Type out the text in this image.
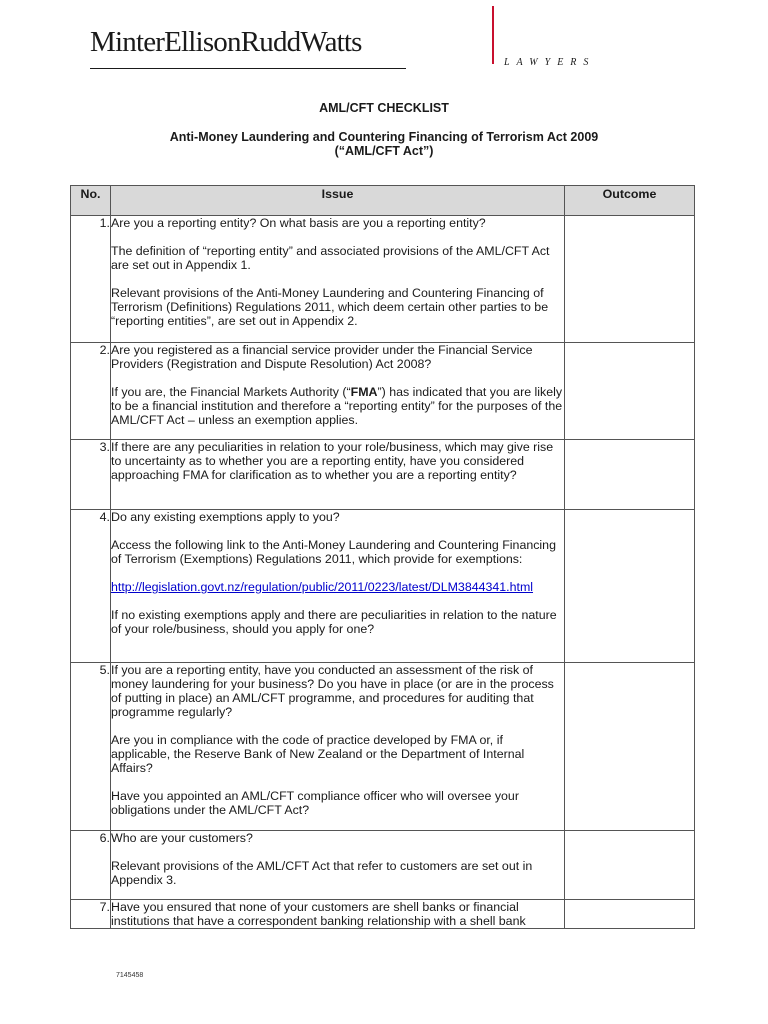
MinterEllisonRuddWatts
LAWYERS
AML/CFT CHECKLIST
Anti-Money Laundering and Countering Financing of Terrorism Act 2009
(“AML/CFT Act”)
No.	Issue	Outcome
1.	Are you a reporting entity? On what basis are you a reporting entity?

The definition of “reporting entity” and associated provisions of the AML/CFT Act are set out in Appendix 1.

Relevant provisions of the Anti-Money Laundering and Countering Financing of Terrorism (Definitions) Regulations 2011, which deem certain other parties to be “reporting entities”, are set out in Appendix 2.	

2.	Are you registered as a financial service provider under the Financial Service Providers (Registration and Dispute Resolution) Act 2008?

If you are, the Financial Markets Authority (“FMA”) has indicated that you are likely to be a financial institution and therefore a “reporting entity” for the purposes of the AML/CFT Act – unless an exemption applies.	

3.	If there are any peculiarities in relation to your role/business, which may give rise to uncertainty as to whether you are a reporting entity, have you considered approaching FMA for clarification as to whether you are a reporting entity?	

4.	Do any existing exemptions apply to you?

Access the following link to the Anti-Money Laundering and Countering Financing of Terrorism (Exemptions) Regulations 2011, which provide for exemptions:

http://legislation.govt.nz/regulation/public/2011/0223/latest/DLM3844341.html

If no existing exemptions apply and there are peculiarities in relation to the nature of your role/business, should you apply for one?	

5.	If you are a reporting entity, have you conducted an assessment of the risk of money laundering for your business? Do you have in place (or are in the process of putting in place) an AML/CFT programme, and procedures for auditing that programme regularly?

Are you in compliance with the code of practice developed by FMA or, if applicable, the Reserve Bank of New Zealand or the Department of Internal Affairs?

Have you appointed an AML/CFT compliance officer who will oversee your obligations under the AML/CFT Act?	

6.	Who are your customers?

Relevant provisions of the AML/CFT Act that refer to customers are set out in Appendix 3.	

7.	Have you ensured that none of your customers are shell banks or financial institutions that have a correspondent banking relationship with a shell bank	

7145458
